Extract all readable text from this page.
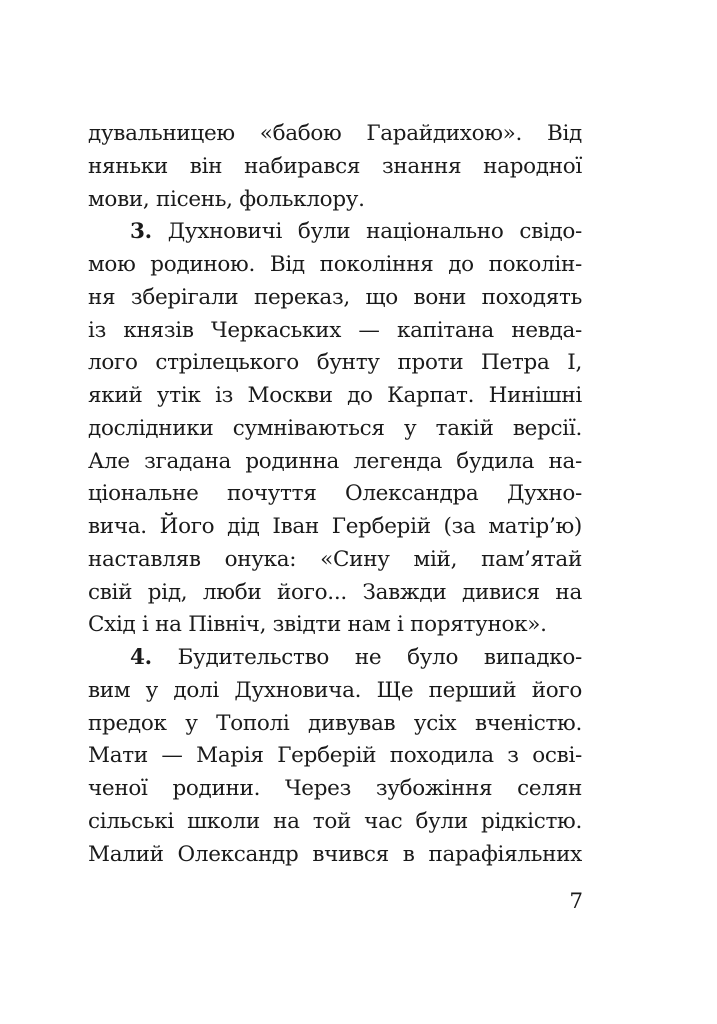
дувальницею «бабою Гарайдихою». Від
няньки він набирався знання народної
мови, пісень, фольклору.
3. Духновичі були національно свідо-
мою родиною. Від покоління до поколін-
ня зберігали переказ, що вони походять
із князів Черкаських — капітана невда-
лого стрілецького бунту проти Петра І,
який утік із Москви до Карпат. Нинішні
дослідники сумніваються у такій версії.
Але згадана родинна легенда будила на-
ціональне почуття Олександра Духно-
вича. Його дід Іван Герберій (за матір’ю)
наставляв онука: «Сину мій, пам’ятай
свій рід, люби його... Завжди дивися на
Схід і на Північ, звідти нам і порятунок».
4. Будительство не було випадко-
вим у долі Духновича. Ще перший його
предок у Тополі дивував усіх вченістю.
Мати — Марія Герберій походила з осві-
ченої родини. Через зубожіння селян
сільські школи на той час були рідкістю.
Малий Олександр вчився в парафіяльних
7
